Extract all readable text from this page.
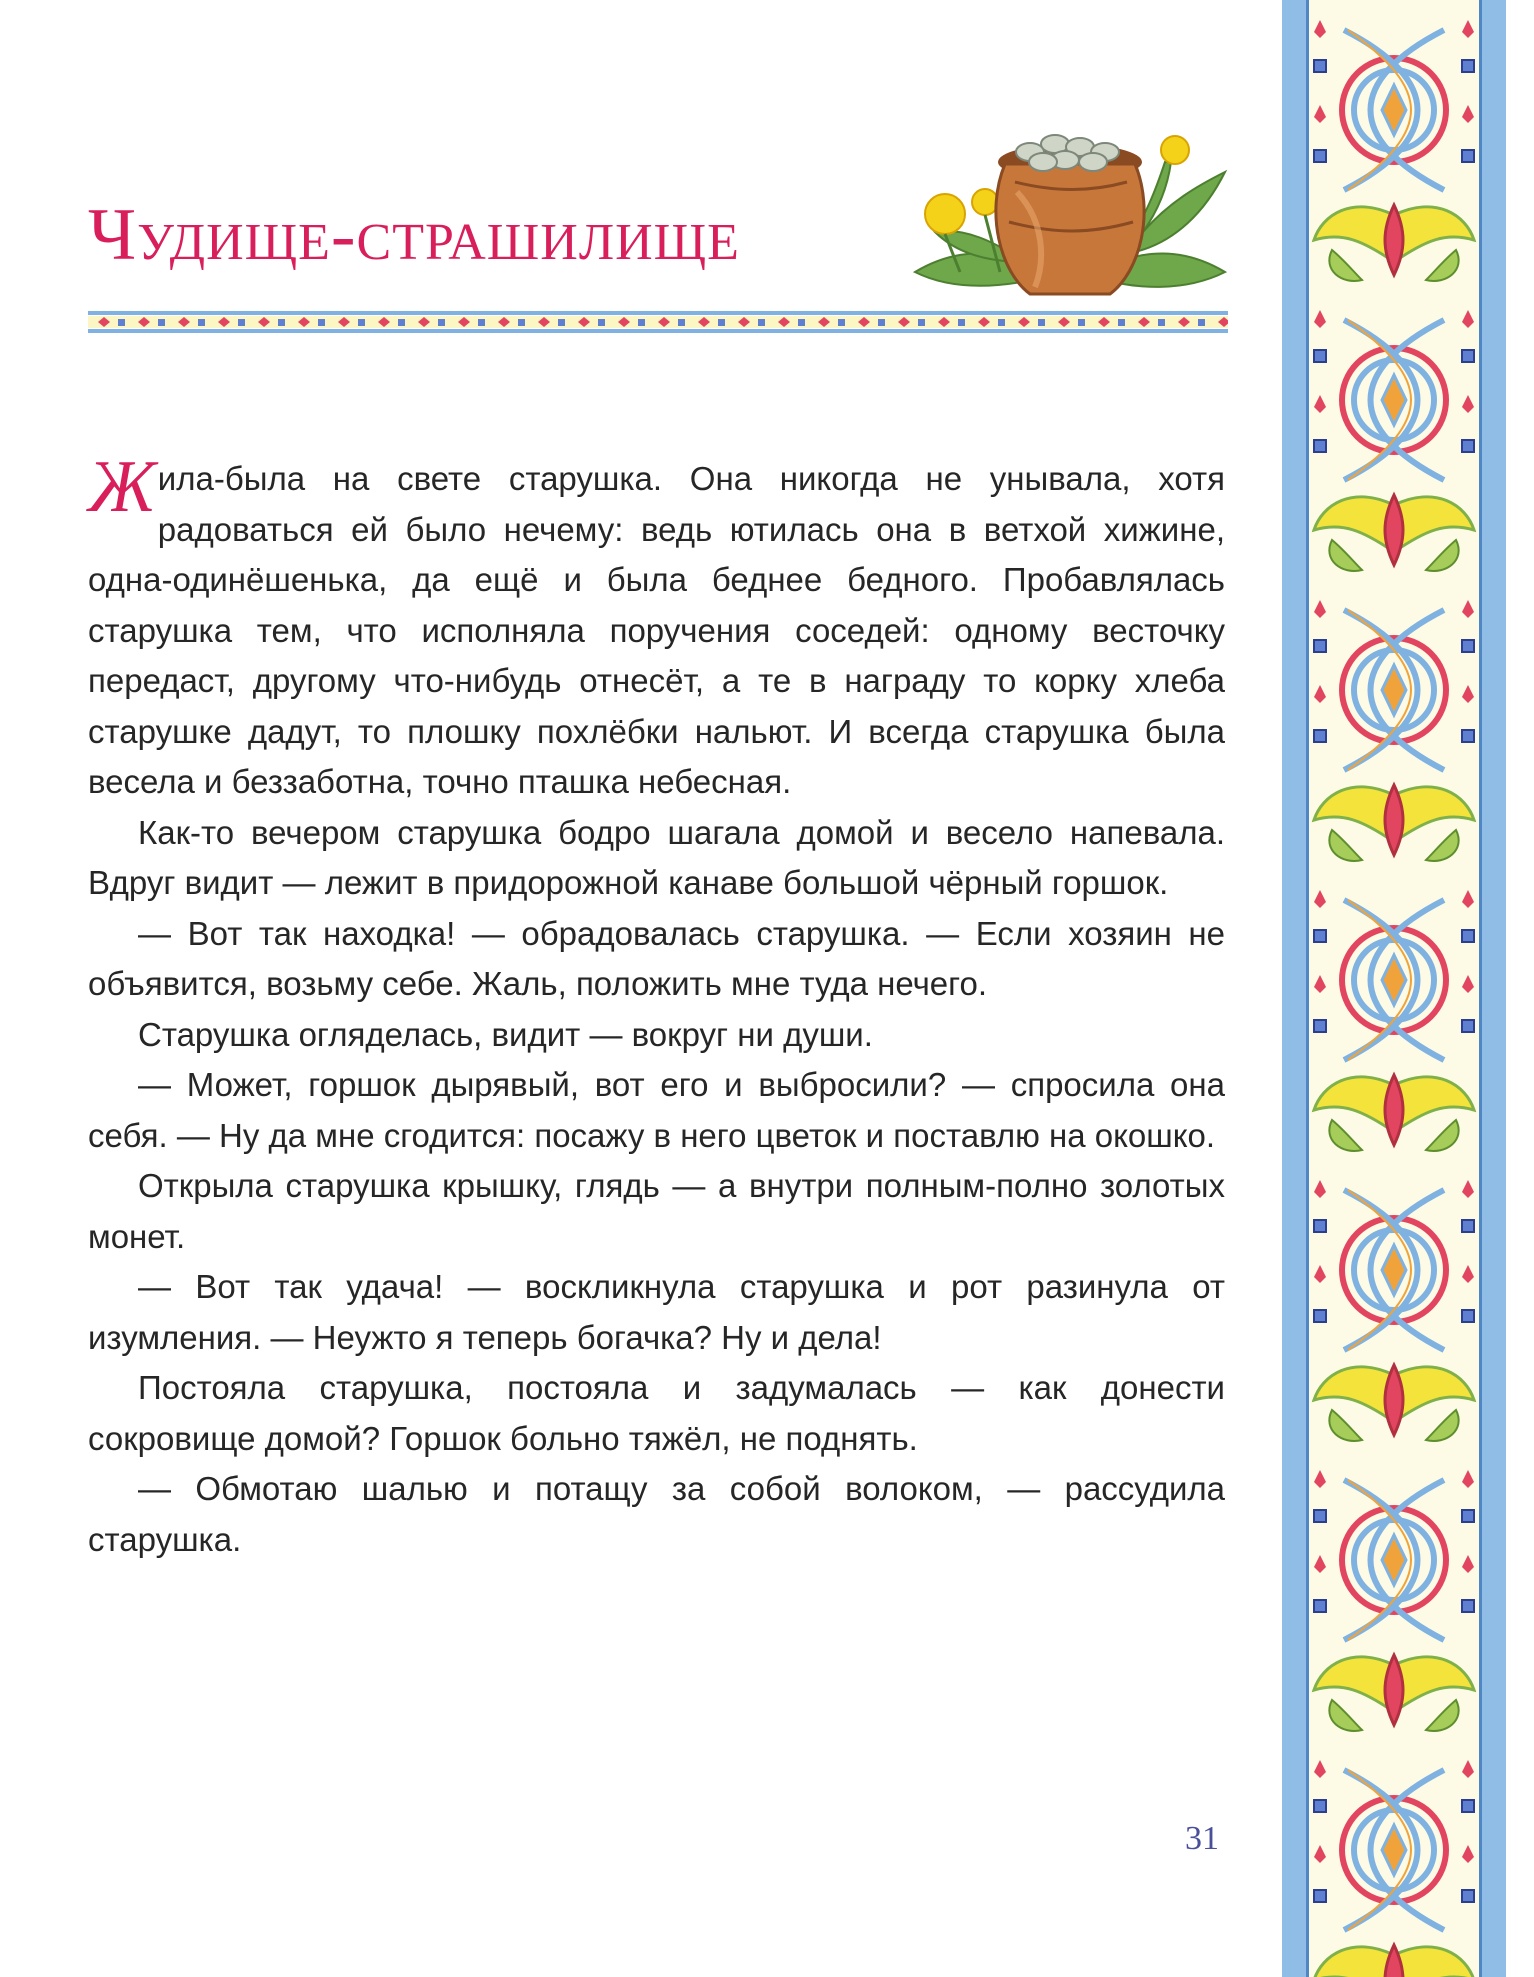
Чудище-страшилище

Жила-была на свете старушка. Она никогда не унывала, хотя радоваться ей было нечему: ведь ютилась она в ветхой хижине, одна-одинёшенька, да ещё и была беднее бедного. Пробавлялась старушка тем, что исполняла поручения соседей: одному весточку передаст, другому что-нибудь отнесёт, а те в награду то корку хлеба старушке дадут, то плошку похлёбки нальют. И всегда старушка была весела и беззаботна, точно пташка небесная.

Как-то вечером старушка бодро шагала домой и весело напевала. Вдруг видит — лежит в придорожной канаве большой чёрный горшок.

— Вот так находка! — обрадовалась старушка. — Если хозяин не объявится, возьму себе. Жаль, положить мне туда нечего.

Старушка огляделась, видит — вокруг ни души.

— Может, горшок дырявый, вот его и выбросили? — спросила она себя. — Ну да мне сгодится: посажу в него цветок и поставлю на окошко.

Открыла старушка крышку, глядь — а внутри полным-полно золотых монет.

— Вот так удача! — воскликнула старушка и рот разинула от изумления. — Неужто я теперь богачка? Ну и дела!

Постояла старушка, постояла и задумалась — как донести сокровище домой? Горшок больно тяжёл, не поднять.

— Обмотаю шалью и потащу за собой волоком, — рассудила старушка.

31
